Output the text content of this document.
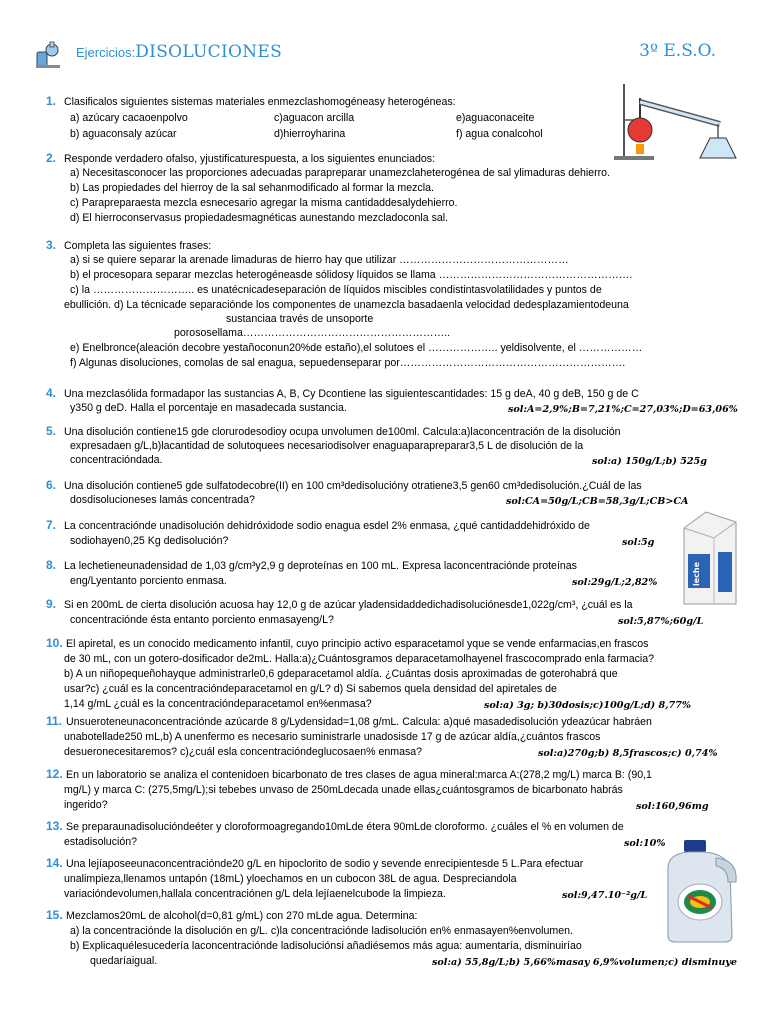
Ejercicios:DISOLUCIONES	3º E.S.O.
leche
1. Clasificalos siguientes sistemas materiales enmezclashomogéneasy heterogéneas:
a) azúcary cacaoenpolvo	c)aguacon arcilla	e)aguaconaceite
b) aguaconsaly azúcar	d)hierroyharina	f) agua conalcohol
2. Responde verdadero ofalso, yjustificaturespuesta, a los siguientes enunciados:
a) Necesitasconocer las proporciones adecuadas parapreparar unamezclaheterogénea de sal ylimaduras dehierro.
b) Las propiedades del hierroy de la sal sehanmodificado al formar la mezcla.
c) Parapreparaesta mezcla esnecesario agregar la misma cantidaddesalydehierro.
d) El hierroconservasus propiedadesmagnéticas aunestando mezcladoconla sal.
3. Completa las siguientes frases:
a) si se quiere separar la arenade limaduras de hierro hay que utilizar …………………………………………
b) el procesopara separar mezclas heterogéneasde sólidosy líquidos se llama ……………………………………………….
c) la ……………………….. es unatécnicadeseparación de líquidos miscibles condistintasvolatilidades y puntos de
ebullición. d) La técnicade separaciónde los componentes de unamezcla basadaenla velocidad dedesplazamientodeuna
sustanciaa través de unsoporte
porososellama…………………………………………………..
e) Enelbronce(aleación decobre yestañoconun20%de estaño),el solutoes el ……………….. yeldisolvente, el ………………
f) Algunas disoluciones, comolas de sal enagua, sepuedenseparar por……………………………………………………….
4. Una mezclasólida formadapor las sustancias A, B, Cy Dcontiene las siguientescantidades: 15 g deA, 40 g deB, 150 g de C
y350 g deD. Halla el porcentaje en masadecada sustancia.	sol:A=2,9%;B=7,21%;C=27,03%;D=63,06%
5. Una disolución contiene15 gde clorurodesodioy ocupa unvolumen de100ml. Calcula:a)laconcentración de la disolución
expresadaen g/L,b)lacantidad de solutoquees necesariodisolver enaguaparapreparar3,5 L de disolución de la
concentracióndada.	sol:a) 150g/L;b) 525g
6. Una disolución contiene5 gde sulfatodecobre(II) en 100 cm³dedisolucióny otratiene3,5 gen60 cm³dedisolución.¿Cuál de las
dosdisolucioneses lamás concentrada?	sol:CA=50g/L;CB=58,3g/L;CB>CA
7. La concentraciónde unadisolución dehidróxidode sodio enagua esdel 2% enmasa, ¿qué cantidaddehidróxido de
sodiohayen0,25 Kg dedisolución?	sol:5g
8. La lechetieneunadensidad de 1,03 g/cm³y2,9 g deproteínas en 100 mL. Expresa laconcentraciónde proteínas
eng/Lyentanto porciento enmasa.	sol:29g/L;2,82%
9. Si en 200mL de cierta disolución acuosa hay 12,0 g de azúcar yladensidaddedichadisoluciónesde1,022g/cm³, ¿cuál es la
concentraciónde ésta entanto porciento enmasayeng/L?	sol:5,87%;60g/L
10. El apiretal, es un conocido medicamento infantil, cuyo principio activo esparacetamol yque se vende enfarmacias,en frascos
de 30 mL, con un gotero-dosificador de2mL. Halla:a)¿Cuántosgramos deparacetamolhayenel frascocomprado enla farmacia?
b) A un niñopequeñohayque administrarle0,6 gdeparacetamol aldía. ¿Cuántas dosis aproximadas de goterohabrá que
usar?c) ¿cuál es la concentracióndeparacetamol en g/L? d) Si sabemos quela densidad del apiretales de
1,14 g/mL ¿cuál es la concentracióndeparacetamol en%enmasa?	sol:a) 3g; b)30dosis;c)100g/L;d) 8,77%
11. Unsueroteneunaconcentraciónde azúcarde 8 g/Lydensidad=1,08 g/mL. Calcula: a)qué masadedisolución ydeazúcar habráen
unabotellade250 mL,b) A unenfermo es necesario suministrarle unadosisde 17 g de azúcar aldía,¿cuántos frascos
desueronecesitaremos? c)¿cuál esla concentracióndeglucosaen% enmasa?	sol:a)270g;b) 8,5frascos;c) 0,74%
12. En un laboratorio se analiza el contenidoen bicarbonato de tres clases de agua mineral:marca A:(278,2 mg/L) marca B: (90,1
mg/L) y marca C: (275,5mg/L);si tebebes unvaso de 250mLdecada unade ellas¿cuántosgramos de bicarbonato habrás
ingerido?	sol:160,96mg
13. Se preparaunadisolucióndeéter y cloroformoagregando10mLde étera 90mLde cloroformo. ¿cuáles el % en volumen de
estadisolución?	sol:10%
14. Una lejíaposeeunaconcentraciónde20 g/L en hipoclorito de sodio y sevende enrecipientesde 5 L.Para efectuar
unalimpieza,llenamos untapón (18mL) yloechamos en un cubocon 38L de agua. Despreciandola
variacióndevolumen,hallala concentraciónen g/L dela lejíaenelcubode la limpieza.	sol:9,47.10⁻²g/L
15. Mezclamos20mL de alcohol(d=0,81 g/mL) con 270 mLde agua. Determina:
a) la concentraciónde la disolución en g/L. c)la concentraciónde ladisolución en% enmasayen%envolumen.
b) Explicaquélesucedería laconcentraciónde ladisoluciónsi añadiésemos más agua: aumentaría, disminuiríao
quedaríaigual.	sol:a) 55,8g/L;b) 5,66%masay 6,9%volumen;c) disminuye
